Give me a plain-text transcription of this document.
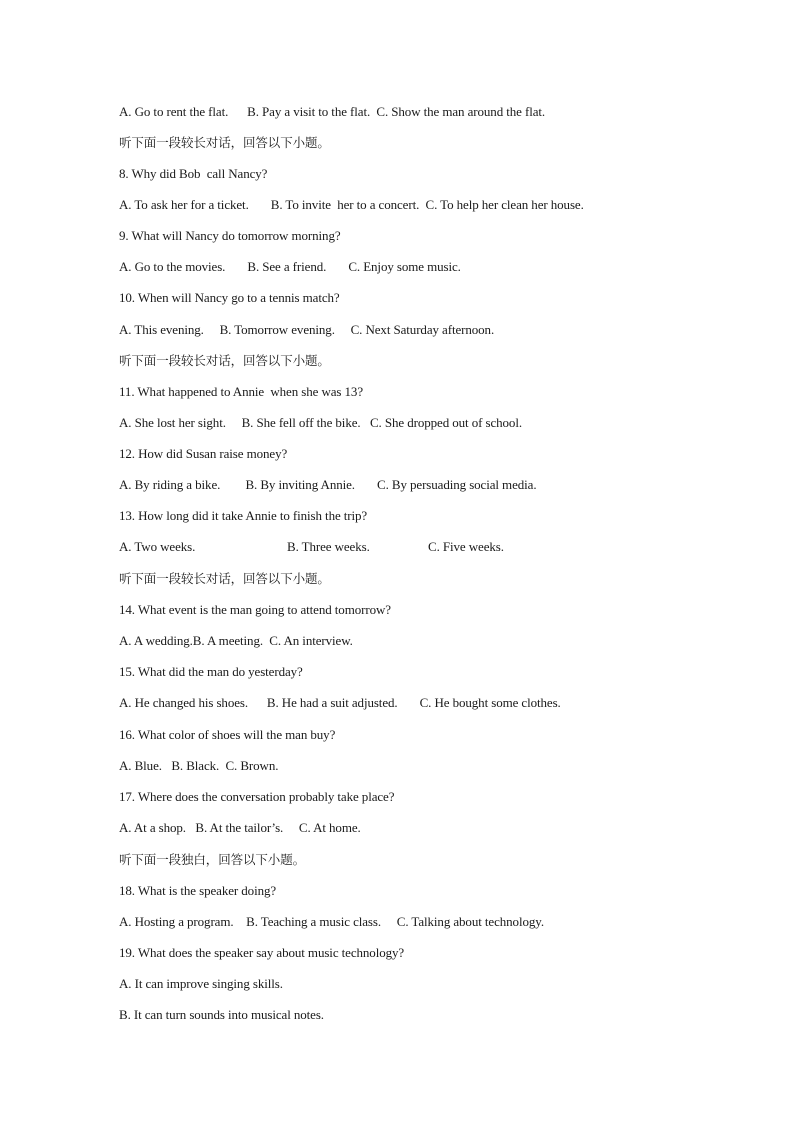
A. Go to rent the flat.      B. Pay a visit to the flat.  C. Show the man around the flat.
听下面一段较长对话，回答以下小题。
8. Why did Bob  call Nancy?
A. To ask her for a ticket.       B. To invite  her to a concert.  C. To help her clean her house.
9. What will Nancy do tomorrow morning?
A. Go to the movies.       B. See a friend.       C. Enjoy some music.
10. When will Nancy go to a tennis match?
A. This evening.     B. Tomorrow evening.     C. Next Saturday afternoon.
听下面一段较长对话，回答以下小题。
11. What happened to Annie  when she was 13?
A. She lost her sight.     B. She fell off the bike.   C. She dropped out of school.
12. How did Susan raise money?
A. By riding a bike.        B. By inviting Annie.       C. By persuading social media.
13. How long did it take Annie to finish the trip?
A. Two weeks.	B. Three weeks.	C. Five weeks.
听下面一段较长对话，回答以下小题。
14. What event is the man going to attend tomorrow?
A. A wedding.B. A meeting.  C. An interview.
15. What did the man do yesterday?
A. He changed his shoes.      B. He had a suit adjusted.       C. He bought some clothes.
16. What color of shoes will the man buy?
A. Blue.   B. Black.  C. Brown.
17. Where does the conversation probably take place?
A. At a shop.   B. At the tailor’s.     C. At home.
听下面一段独白，回答以下小题。
18. What is the speaker doing?
A. Hosting a program.    B. Teaching a music class.     C. Talking about technology.
19. What does the speaker say about music technology?
A. It can improve singing skills.
B. It can turn sounds into musical notes.
